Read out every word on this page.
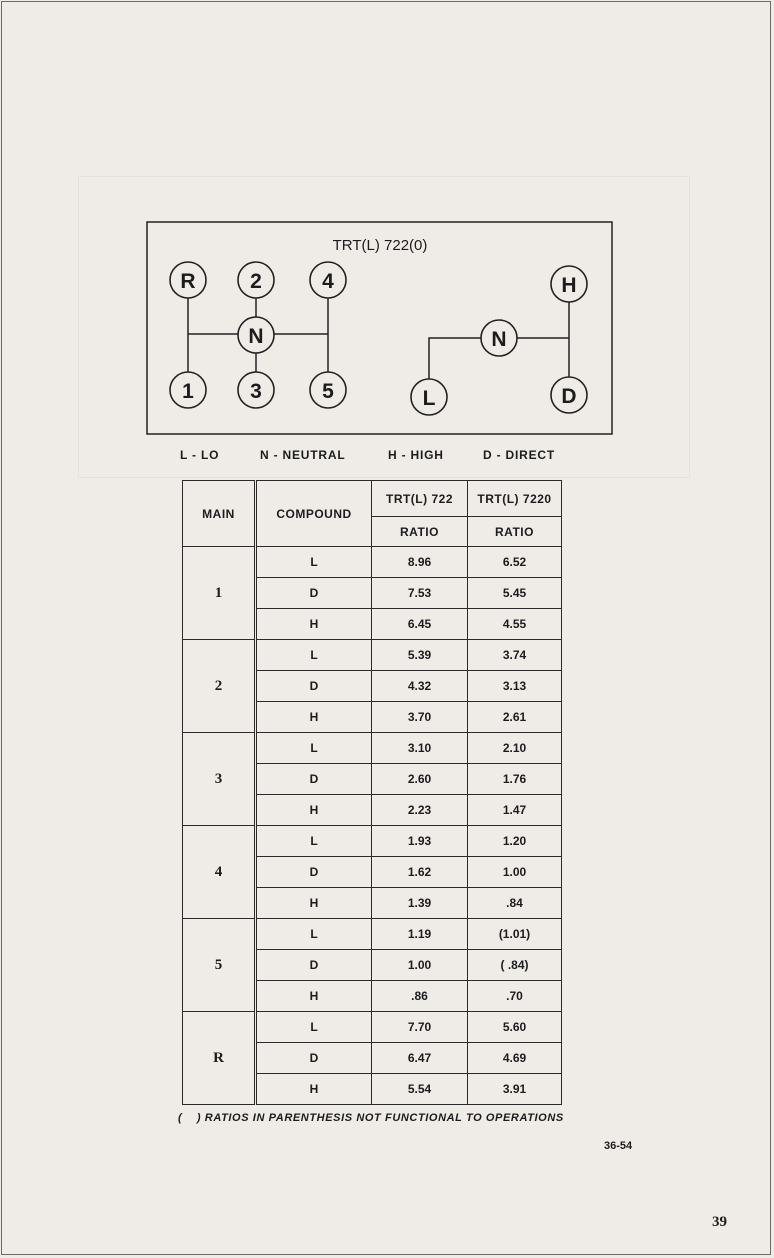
TRT(L) 722(0)
R	2	4
N
1	3	5
H
N
L	D
L - LO	N - NEUTRAL	H - HIGH	D - DIRECT
MAIN	COMPOUND	TRT(L) 722	TRT(L) 7220
		RATIO	RATIO
1	L	8.96	6.52
	D	7.53	5.45
	H	6.45	4.55
2	L	5.39	3.74
	D	4.32	3.13
	H	3.70	2.61
3	L	3.10	2.10
	D	2.60	1.76
	H	2.23	1.47
4	L	1.93	1.20
	D	1.62	1.00
	H	1.39	.84
5	L	1.19	(1.01)
	D	1.00	( .84)
	H	.86	.70
R	L	7.70	5.60
	D	6.47	4.69
	H	5.54	3.91
(    ) RATIOS IN PARENTHESIS NOT FUNCTIONAL TO OPERATIONS
36-54
39
